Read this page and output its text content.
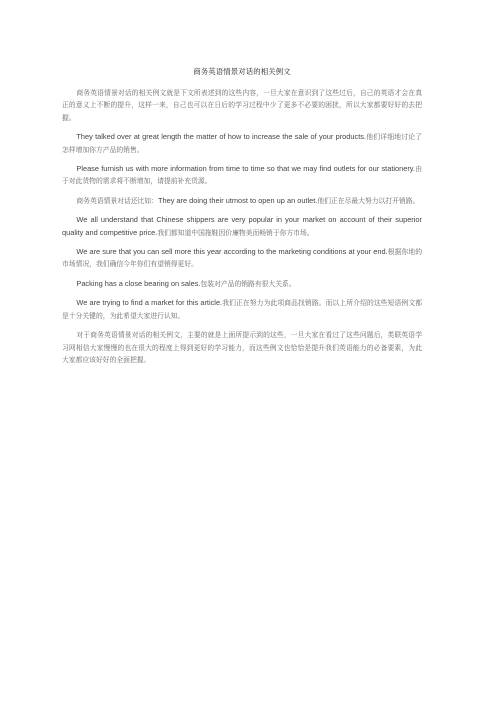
商务英语情景对话的相关例文

商务英语情景对话的相关例文就是下文所表述到的这些内容，一旦大家在意识到了这些过后，自己的英语才会在真正的意义上不断的提升，这样一来，自己也可以在日后的学习过程中少了更多不必要的困扰，所以大家都要好好的去把握。

They talked over at great length the matter of how to increase the sale of your products.他们详细地讨论了怎样增加你方产品的销售。

Please furnish us with more information from time to time so that we may find outlets for our stationery.由于对此货物的需求将不断增加，请提前补充货源。

商务英语情景对话还比如：They are doing their utmost to open up an outlet.他们正在尽最大努力以打开销路。

We all understand that Chinese shippers are very popular in your market on account of their superior quality and competitive price.我们都知道中国拖鞋因价廉物美而畅销于你方市场。

We are sure that you can sell more this year according to the marketing conditions at your end.根据你地的市场情况，我们确信今年你们有望销得更好。

Packing has a close bearing on sales.包装对产品的销路有很大关系。

We are trying to find a market for this article.我们正在努力为此项商品找销路。而以上所介绍的这些短语例文都是十分关键的，为此希望大家进行认知。

对于商务英语情景对话的相关例文，主要的就是上面所提示到的这些，一旦大家在看过了这些问题后，类联英语学习网相信大家慢慢的也在很大的程度上得到更好的学习能力，而这些例文也恰恰是提升我们英语能力的必备要素，为此大家都应该好好的全面把握。
